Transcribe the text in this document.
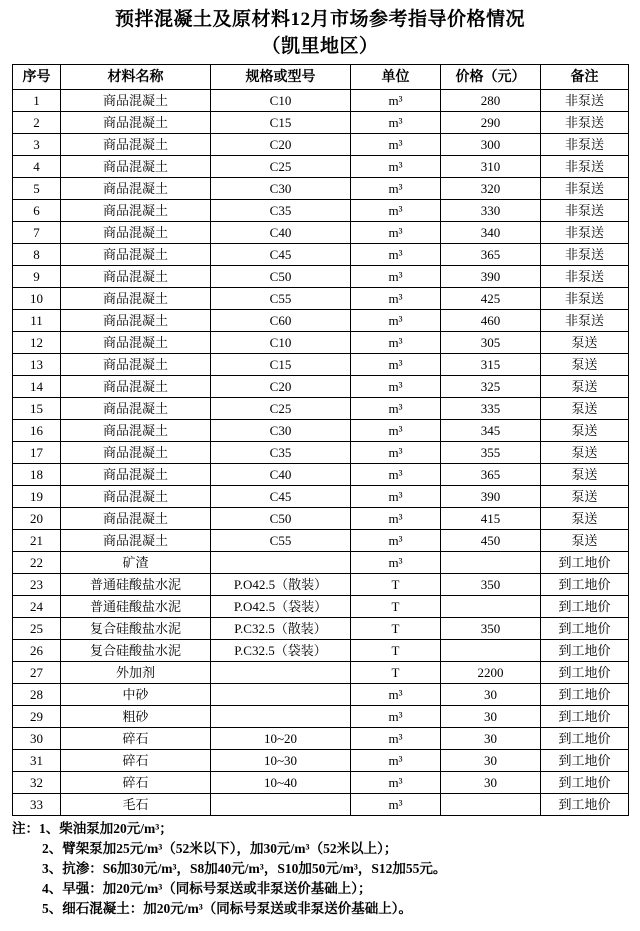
预拌混凝土及原材料12月市场参考指导价格情况
（凯里地区）
序号	材料名称	规格或型号	单位	价格（元）	备注
1	商品混凝土	C10	m³	280	非泵送
2	商品混凝土	C15	m³	290	非泵送
3	商品混凝土	C20	m³	300	非泵送
4	商品混凝土	C25	m³	310	非泵送
5	商品混凝土	C30	m³	320	非泵送
6	商品混凝土	C35	m³	330	非泵送
7	商品混凝土	C40	m³	340	非泵送
8	商品混凝土	C45	m³	365	非泵送
9	商品混凝土	C50	m³	390	非泵送
10	商品混凝土	C55	m³	425	非泵送
11	商品混凝土	C60	m³	460	非泵送
12	商品混凝土	C10	m³	305	泵送
13	商品混凝土	C15	m³	315	泵送
14	商品混凝土	C20	m³	325	泵送
15	商品混凝土	C25	m³	335	泵送
16	商品混凝土	C30	m³	345	泵送
17	商品混凝土	C35	m³	355	泵送
18	商品混凝土	C40	m³	365	泵送
19	商品混凝土	C45	m³	390	泵送
20	商品混凝土	C50	m³	415	泵送
21	商品混凝土	C55	m³	450	泵送
22	矿渣		m³		到工地价
23	普通硅酸盐水泥	P.O42.5（散装）	T	350	到工地价
24	普通硅酸盐水泥	P.O42.5（袋装）	T		到工地价
25	复合硅酸盐水泥	P.C32.5（散装）	T	350	到工地价
26	复合硅酸盐水泥	P.C32.5（袋装）	T		到工地价
27	外加剂		T	2200	到工地价
28	中砂		m³	30	到工地价
29	粗砂		m³	30	到工地价
30	碎石	10~20	m³	30	到工地价
31	碎石	10~30	m³	30	到工地价
32	碎石	10~40	m³	30	到工地价
33	毛石		m³		到工地价
注：1、柴油泵加20元/m³；
2、臂架泵加25元/m³（52米以下），加30元/m³（52米以上）；
3、抗渗：S6加30元/m³，S8加40元/m³，S10加50元/m³，S12加55元。
4、早强：加20元/m³（同标号泵送或非泵送价基础上）；
5、细石混凝土：加20元/m³（同标号泵送或非泵送价基础上）。
